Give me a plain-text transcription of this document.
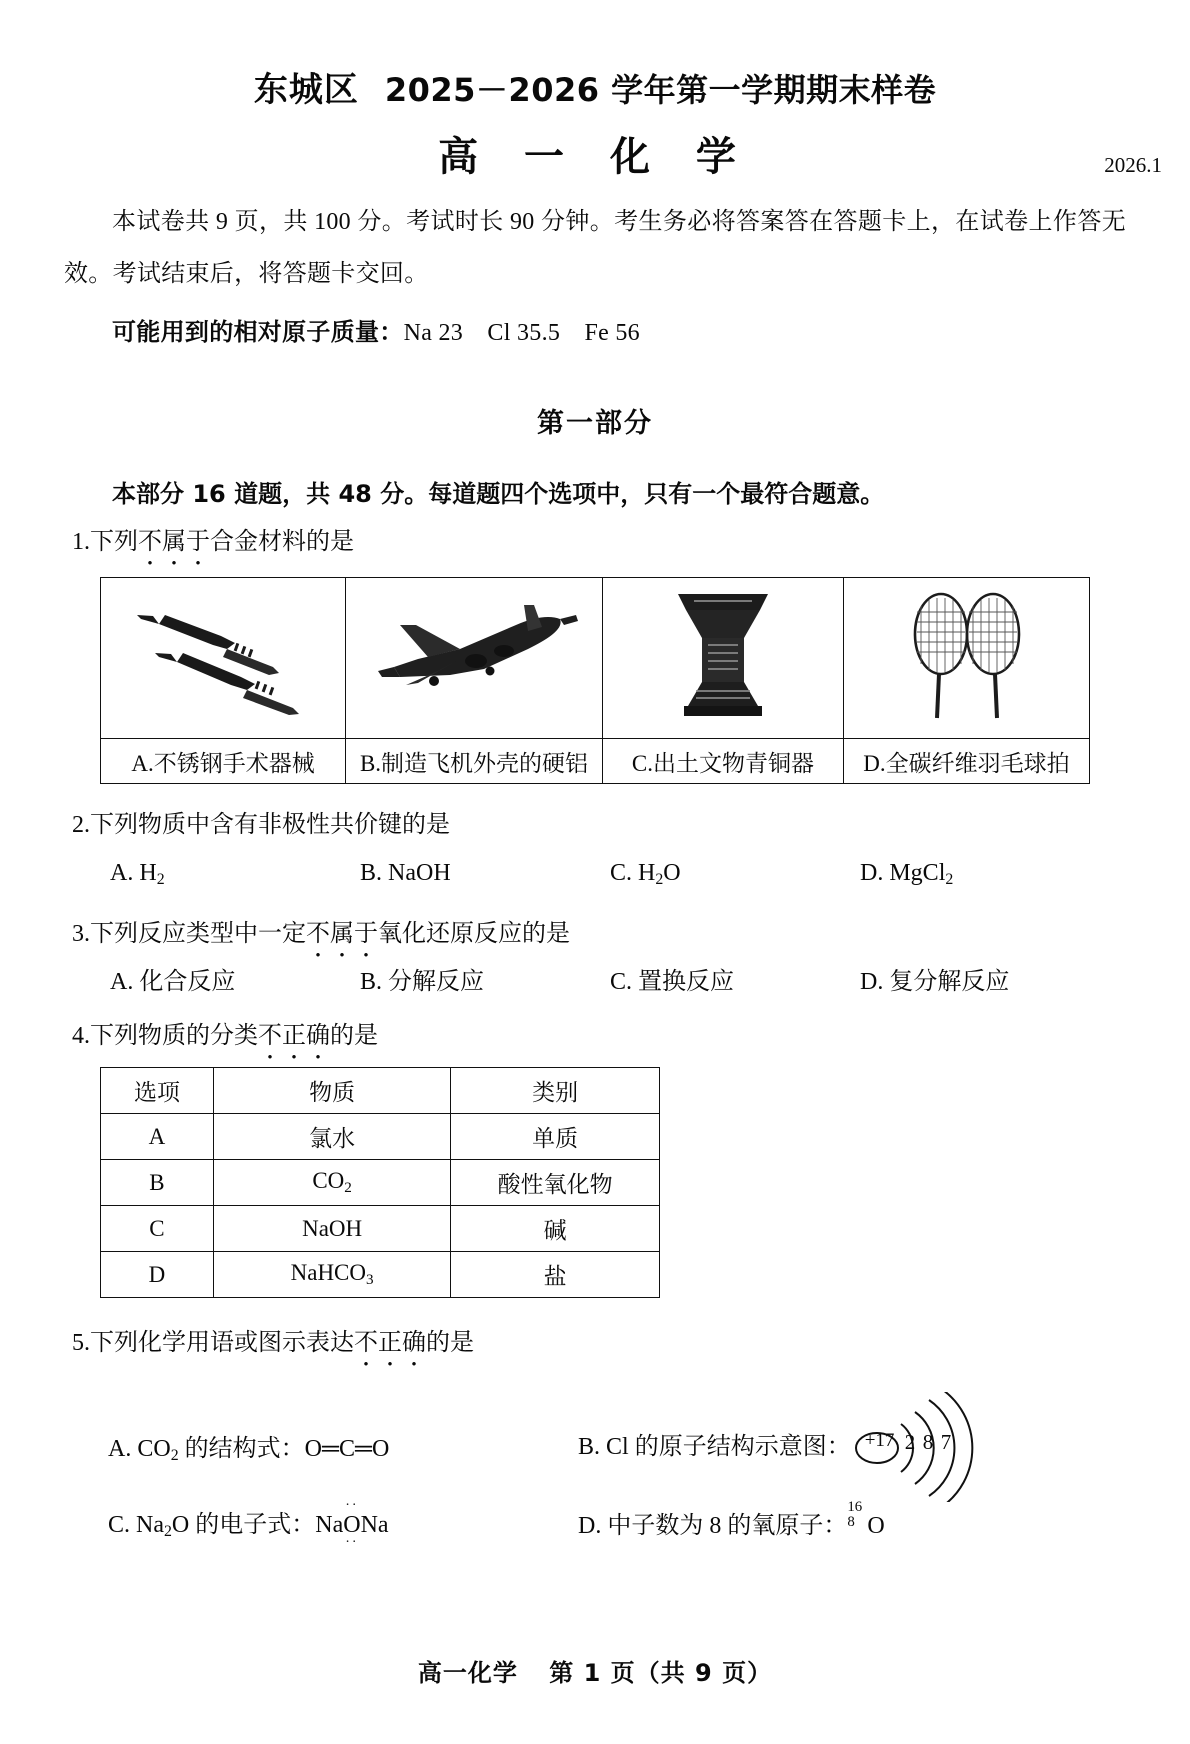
东城区 2025－2026 学年第一学期期末样卷
高 一 化 学	2026.1
本试卷共 9 页，共 100 分。考试时长 90 分钟。考生务必将答案答在答题卡上，在试卷上作答无效。考试结束后，将答题卡交回。
可能用到的相对原子质量：Na 23　Cl 35.5　Fe 56
第一部分
本部分 16 道题，共 48 分。每道题四个选项中，只有一个最符合题意。
1.下列不属于合金材料的是

A.不锈钢手术器械	B.制造飞机外壳的硬铝	C.出土文物青铜器	D.全碳纤维羽毛球拍
2.下列物质中含有非极性共价键的是
A. $H_2$	B. NaOH	C. $H_2O$	D. MgCl$_2$
3.下列反应类型中一定不属于氧化还原反应的是
A. 化合反应	B. 分解反应	C. 置换反应	D. 复分解反应
4.下列物质的分类不正确的是
选项	物质	类别
A	氯水	单质
B	$CO_2$	酸性氧化物
C	NaOH	碱
D	NaHCO$_3$	盐
5.下列化学用语或图示表达不正确的是
A. $CO_2$ 的结构式：O═C═O	B. Cl 的原子结构示意图： +17 2 8 7
C. $Na_2O$ 的电子式：Na
··
O
··
Na	D. 中子数为 8 的氧原子：
16
8 O
高一化学 第 1 页（共 9 页）
